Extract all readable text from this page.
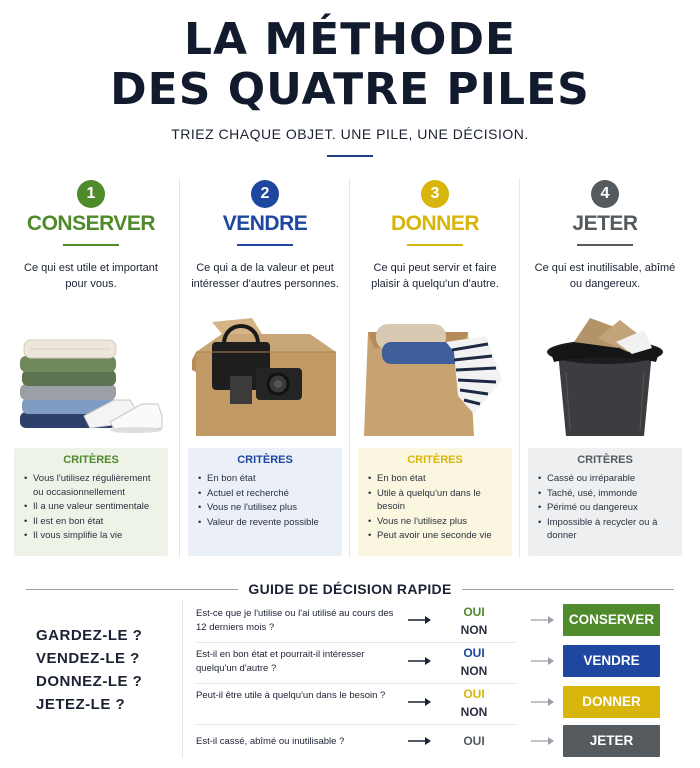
LA MÉTHODE
DES QUATRE PILES
TRIEZ CHAQUE OBJET. UNE PILE, UNE DÉCISION.
1
CONSERVER
Ce qui est utile et important pour vous.
CRITÈRES
• Vous l'utilisez régulièrement ou occasionnellement
• Il a une valeur sentimentale
• Il est en bon état
• Il vous simplifie la vie
2
VENDRE
Ce qui a de la valeur et peut intéresser d'autres personnes.
CRITÈRES
• En bon état
• Actuel et recherché
• Vous ne l'utilisez plus
• Valeur de revente possible
3
DONNER
Ce qui peut servir et faire plaisir à quelqu'un d'autre.
CRITÈRES
• En bon état
• Utile à quelqu'un dans le besoin
• Vous ne l'utilisez plus
• Peut avoir une seconde vie
4
JETER
Ce qui est inutilisable, abîmé ou dangereux.
CRITÈRES
• Cassé ou irréparable
• Taché, usé, immonde
• Périmé ou dangereux
• Impossible à recycler ou à donner
GUIDE DE DÉCISION RAPIDE
GARDEZ-LE ?
VENDEZ-LE ?
DONNEZ-LE ?
JETEZ-LE ?
Est-ce que je l'utilise ou l'ai utilisé au cours des 12 derniers mois ?
OUI
NON
CONSERVER
Est-il en bon état et pourrait-il intéresser quelqu'un d'autre ?
OUI
NON
VENDRE
Peut-il être utile à quelqu'un dans le besoin ?	OUI
NON
DONNER
Est-il cassé, abîmé ou inutilisable ?	OUI	JETER
